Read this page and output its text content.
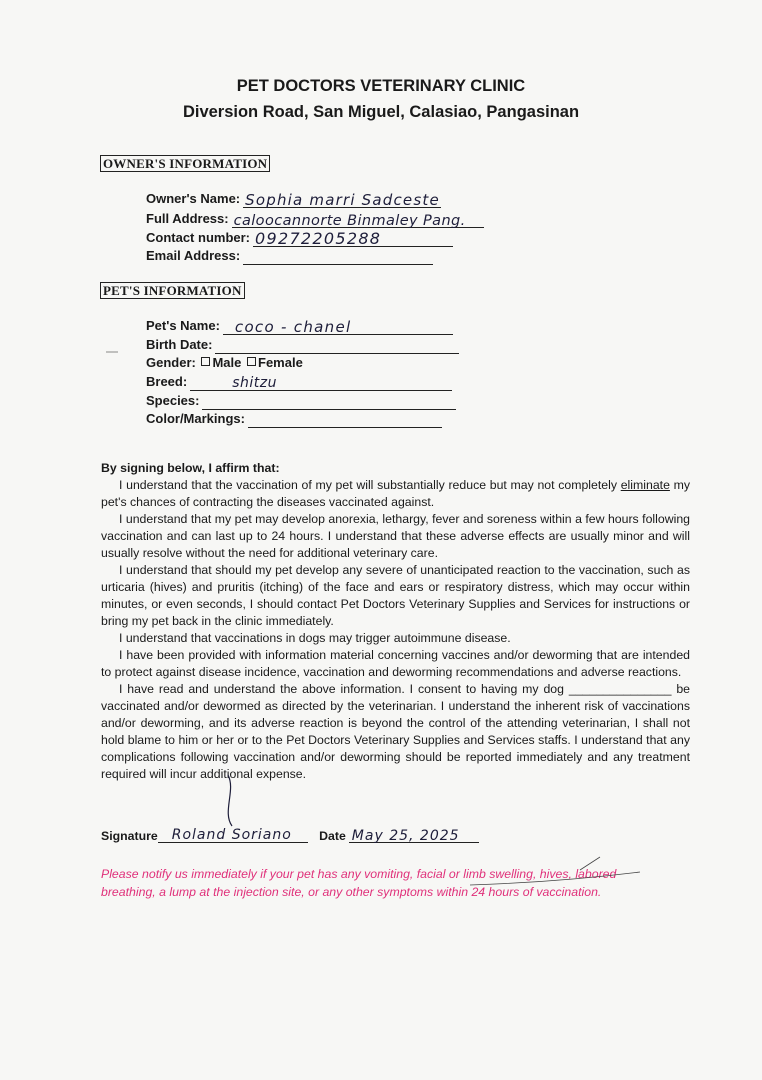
PET DOCTORS VETERINARY CLINIC
Diversion Road, San Miguel, Calasiao, Pangasinan
OWNER'S INFORMATION
Owner's Name: Sophia marri Sadceste
Full Address: caloocannorte Binmaley Pang.
Contact number: 09272205288
Email Address:
PET'S INFORMATION
Pet's Name: coco - chanel
Birth Date:
Gender: Male Female
Breed:	shitzu
Species:
Color/Markings:

By signing below, I affirm that:

I understand that the vaccination of my pet will substantially reduce but may not completely eliminate my pet's chances of contracting the diseases vaccinated against.

I understand that my pet may develop anorexia, lethargy, fever and soreness within a few hours following vaccination and can last up to 24 hours. I understand that these adverse effects are usually minor and will usually resolve without the need for additional veterinary care.

I understand that should my pet develop any severe of unanticipated reaction to the vaccination, such as urticaria (hives) and pruritis (itching) of the face and ears or respiratory distress, which may occur within minutes, or even seconds, I should contact Pet Doctors Veterinary Supplies and Services for instructions or bring my pet back in the clinic immediately.

I understand that vaccinations in dogs may trigger autoimmune disease.

I have been provided with information material concerning vaccines and/or deworming that are intended to protect against disease incidence, vaccination and deworming recommendations and adverse reactions.

I have read and understand the above information. I consent to having my dog _______________ be vaccinated and/or dewormed as directed by the veterinarian. I understand the inherent risk of vaccinations and/or deworming, and its adverse reaction is beyond the control of the attending veterinarian, I shall not hold blame to him or her or to the Pet Doctors Veterinary Supplies and Services staffs. I understand that any complications following vaccination and/or deworming should be reported immediately and any treatment required will incur additional expense.

Signature Roland Soriano Date May 25, 2025
Please notify us immediately if your pet has any vomiting, facial or limb swelling, hives, labored breathing, a lump at the injection site, or any other symptoms within 24 hours of vaccination.
